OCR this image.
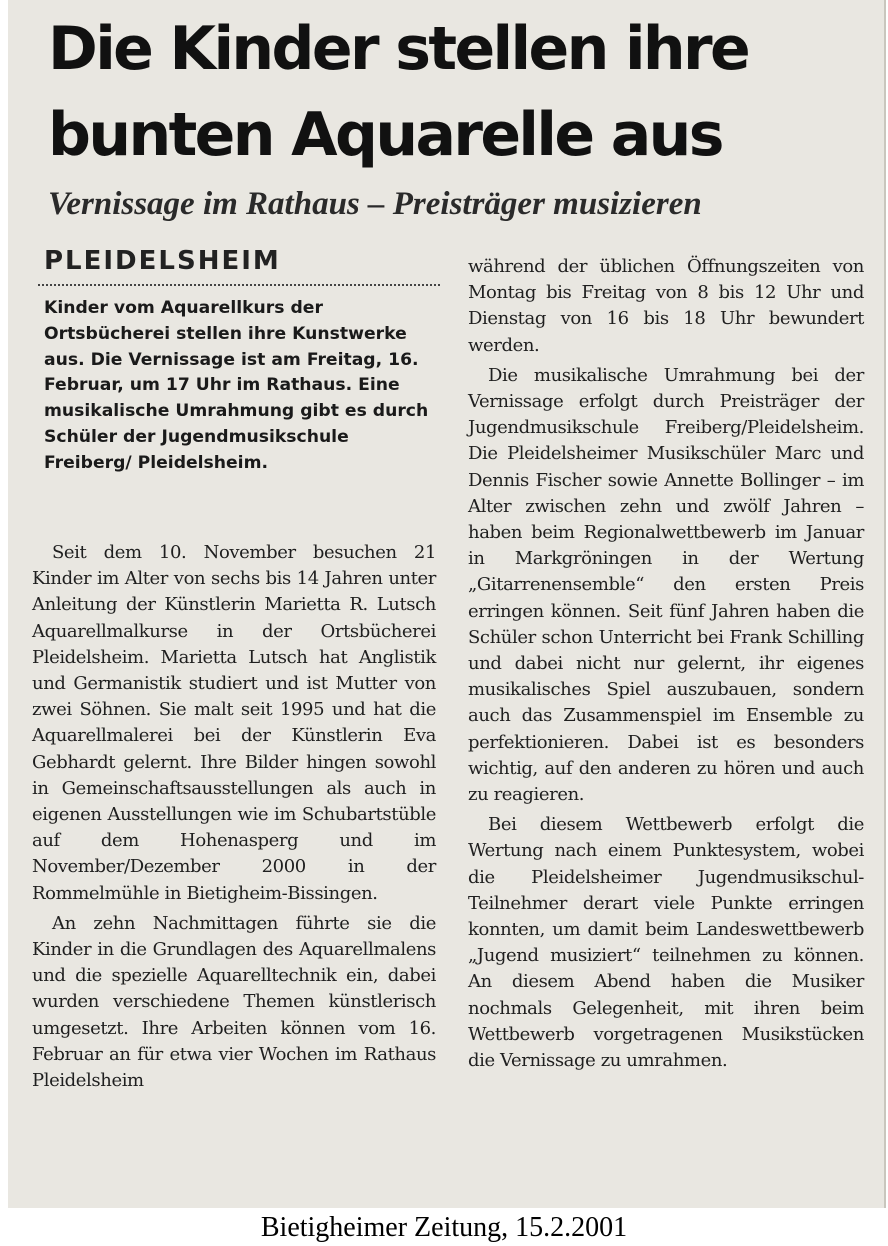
Die Kinder stellen ihre bunten Aquarelle aus
Vernissage im Rathaus – Preisträger musizieren
PLEIDELSHEIM

Kinder vom Aquarellkurs der Ortsbücherei stellen ihre Kunstwerke aus. Die Vernissage ist am Freitag, 16. Februar, um 17 Uhr im Rathaus. Eine musikalische Umrahmung gibt es durch Schüler der Jugendmusikschule Freiberg/ Pleidelsheim.

Seit dem 10. November besuchen 21 Kinder im Alter von sechs bis 14 Jahren unter Anleitung der Künstlerin Marietta R. Lutsch Aquarellmalkurse in der Ortsbücherei Pleidelsheim. Marietta Lutsch hat Anglistik und Germanistik studiert und ist Mutter von zwei Söhnen. Sie malt seit 1995 und hat die Aquarellmalerei bei der Künstlerin Eva Gebhardt gelernt. Ihre Bilder hingen sowohl in Gemeinschaftsausstellungen als auch in eigenen Ausstellungen wie im Schubartstüble auf dem Hohenasperg und im November/Dezember 2000 in der Rommelmühle in Bietigheim-Bissingen.

An zehn Nachmittagen führte sie die Kinder in die Grundlagen des Aquarellmalens und die spezielle Aquarelltechnik ein, dabei wurden verschiedene Themen künstlerisch umgesetzt. Ihre Arbeiten können vom 16. Februar an für etwa vier Wochen im Rathaus Pleidelsheim

während der üblichen Öffnungszeiten von Montag bis Freitag von 8 bis 12 Uhr und Dienstag von 16 bis 18 Uhr bewundert werden.

Die musikalische Umrahmung bei der Vernissage erfolgt durch Preisträger der Jugendmusikschule Freiberg/Pleidelsheim. Die Pleidelsheimer Musikschüler Marc und Dennis Fischer sowie Annette Bollinger – im Alter zwischen zehn und zwölf Jahren – haben beim Regionalwettbewerb im Januar in Markgröningen in der Wertung „Gitarrenensemble“ den ersten Preis erringen können. Seit fünf Jahren haben die Schüler schon Unterricht bei Frank Schilling und dabei nicht nur gelernt, ihr eigenes musikalisches Spiel auszubauen, sondern auch das Zusammenspiel im Ensemble zu perfektionieren. Dabei ist es besonders wichtig, auf den anderen zu hören und auch zu reagieren.

Bei diesem Wettbewerb erfolgt die Wertung nach einem Punktesystem, wobei die Pleidelsheimer Jugendmusikschul-Teilnehmer derart viele Punkte erringen konnten, um damit beim Landeswettbewerb „Jugend musiziert“ teilnehmen zu können. An diesem Abend haben die Musiker nochmals Gelegenheit, mit ihren beim Wettbewerb vorgetragenen Musikstücken die Vernissage zu umrahmen.

Bietigheimer Zeitung, 15.2.2001
